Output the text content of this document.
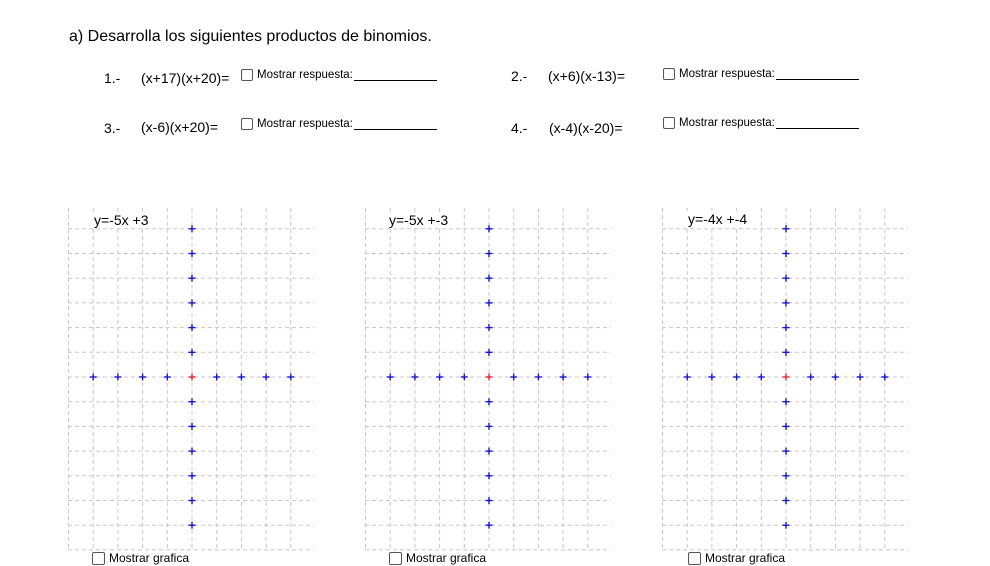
a) Desarrolla los siguientes productos de binomios.
1.- (x+17)(x+20)= Mostrar respuesta:	2.- (x+6)(x-13)=	Mostrar respuesta:
3.- (x-6)(x+20)=	Mostrar respuesta:	4.- (x-4)(x-20)=	Mostrar respuesta:
y=-5x +3	y=-5x +-3	y=-4x +-4
Mostrar grafica	Mostrar grafica	Mostrar grafica
